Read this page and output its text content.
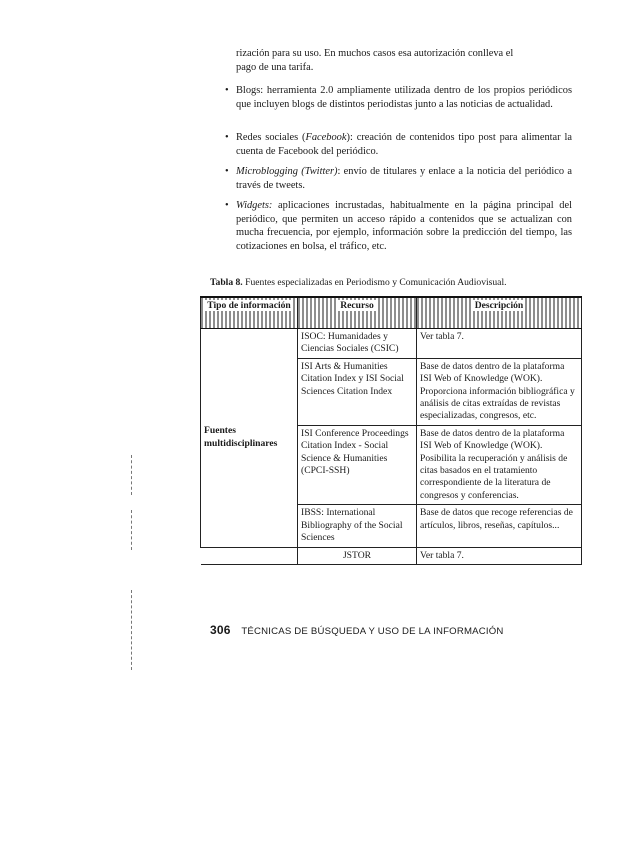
rización para su uso. En muchos casos esa autorización conlleva el
pago de una tarifa.
• Blogs: herramienta 2.0 ampliamente utilizada dentro de los propios periódicos que incluyen blogs de distintos periodistas junto a las noticias de actualidad.
• Redes sociales (Facebook): creación de contenidos tipo post para alimentar la cuenta de Facebook del periódico.
• Microblogging (Twitter): envío de titulares y enlace a la noticia del periódico a través de tweets.
• Widgets: aplicaciones incrustadas, habitualmente en la página principal del periódico, que permiten un acceso rápido a contenidos que se actualizan con mucha frecuencia, por ejemplo, información sobre la predicción del tiempo, las cotizaciones en bolsa, el tráfico, etc.
Tabla 8. Fuentes especializadas en Periodismo y Comunicación Audiovisual.
Tipo de información	Recurso	Descripción
Fuentes multidisciplinares	ISOC: Humanidades y Ciencias Sociales (CSIC)	Ver tabla 7.
	ISI Arts & Humanities Citation Index y ISI Social Sciences Citation Index	Base de datos dentro de la plataforma ISI Web of Knowledge (WOK). Proporciona información bibliográfica y análisis de citas extraídas de revistas especializadas, congresos, etc.
	ISI Conference Proceedings Citation Index - Social Science & Humanities (CPCI-SSH)	Base de datos dentro de la plataforma ISI Web of Knowledge (WOK). Posibilita la recuperación y análisis de citas basados en el tratamiento correspondiente de la literatura de congresos y conferencias.
	IBSS: International Bibliography of the Social Sciences	Base de datos que recoge referencias de artículos, libros, reseñas, capítulos...
	JSTOR	Ver tabla 7.
306 TÉCNICAS DE BÚSQUEDA Y USO DE LA INFORMACIÓN
